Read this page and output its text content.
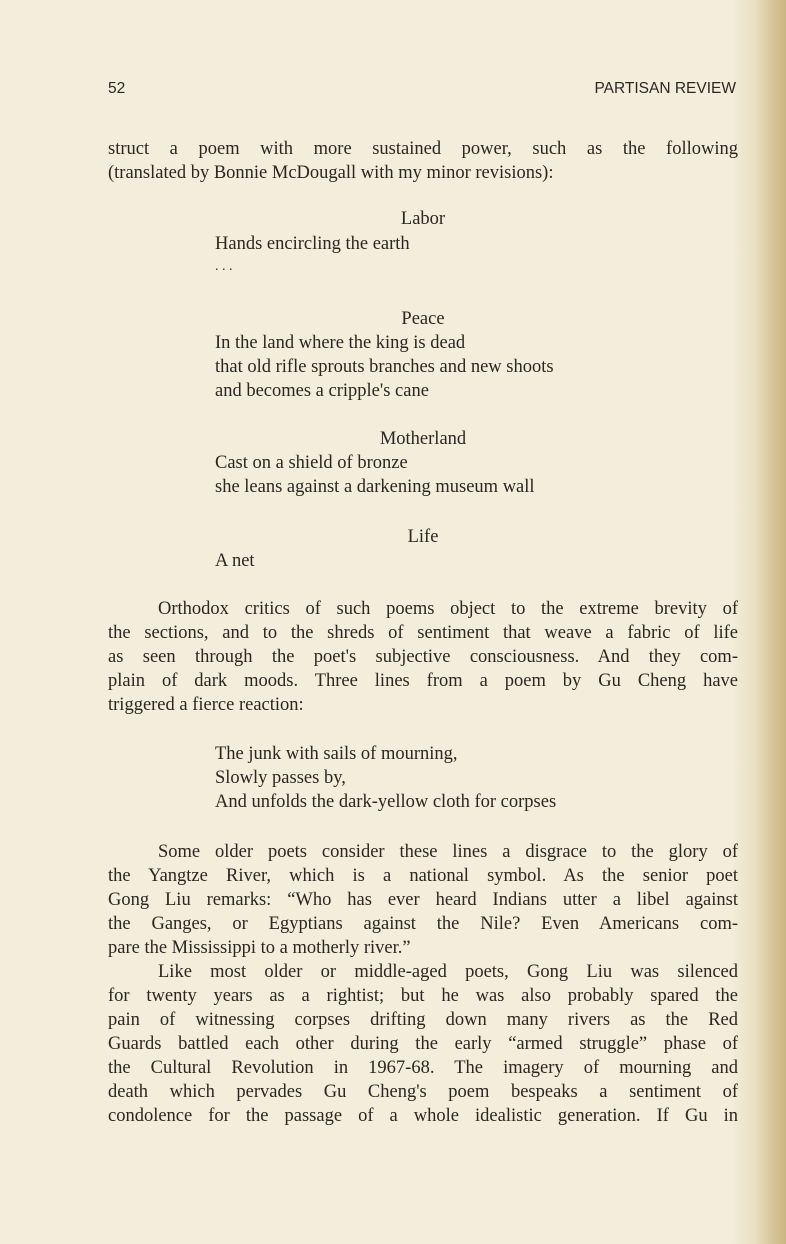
52	PARTISAN REVIEW
struct a poem with more sustained power, such as the following
(translated by Bonnie McDougall with my minor revisions):
Labor
Hands encircling the earth
. . .
Peace
In the land where the king is dead
that old rifle sprouts branches and new shoots
and becomes a cripple's cane
Motherland
Cast on a shield of bronze
she leans against a darkening museum wall
Life
A net
Orthodox critics of such poems object to the extreme brevity of
the sections, and to the shreds of sentiment that weave a fabric of life
as seen through the poet's subjective consciousness. And they com-
plain of dark moods. Three lines from a poem by Gu Cheng have
triggered a fierce reaction:
The junk with sails of mourning,
Slowly passes by,
And unfolds the dark-yellow cloth for corpses
Some older poets consider these lines a disgrace to the glory of
the Yangtze River, which is a national symbol. As the senior poet
Gong Liu remarks: “Who has ever heard Indians utter a libel against
the Ganges, or Egyptians against the Nile? Even Americans com-
pare the Mississippi to a motherly river.”
Like most older or middle-aged poets, Gong Liu was silenced
for twenty years as a rightist; but he was also probably spared the
pain of witnessing corpses drifting down many rivers as the Red
Guards battled each other during the early “armed struggle” phase of
the Cultural Revolution in 1967-68. The imagery of mourning and
death which pervades Gu Cheng's poem bespeaks a sentiment of
condolence for the passage of a whole idealistic generation. If Gu in
